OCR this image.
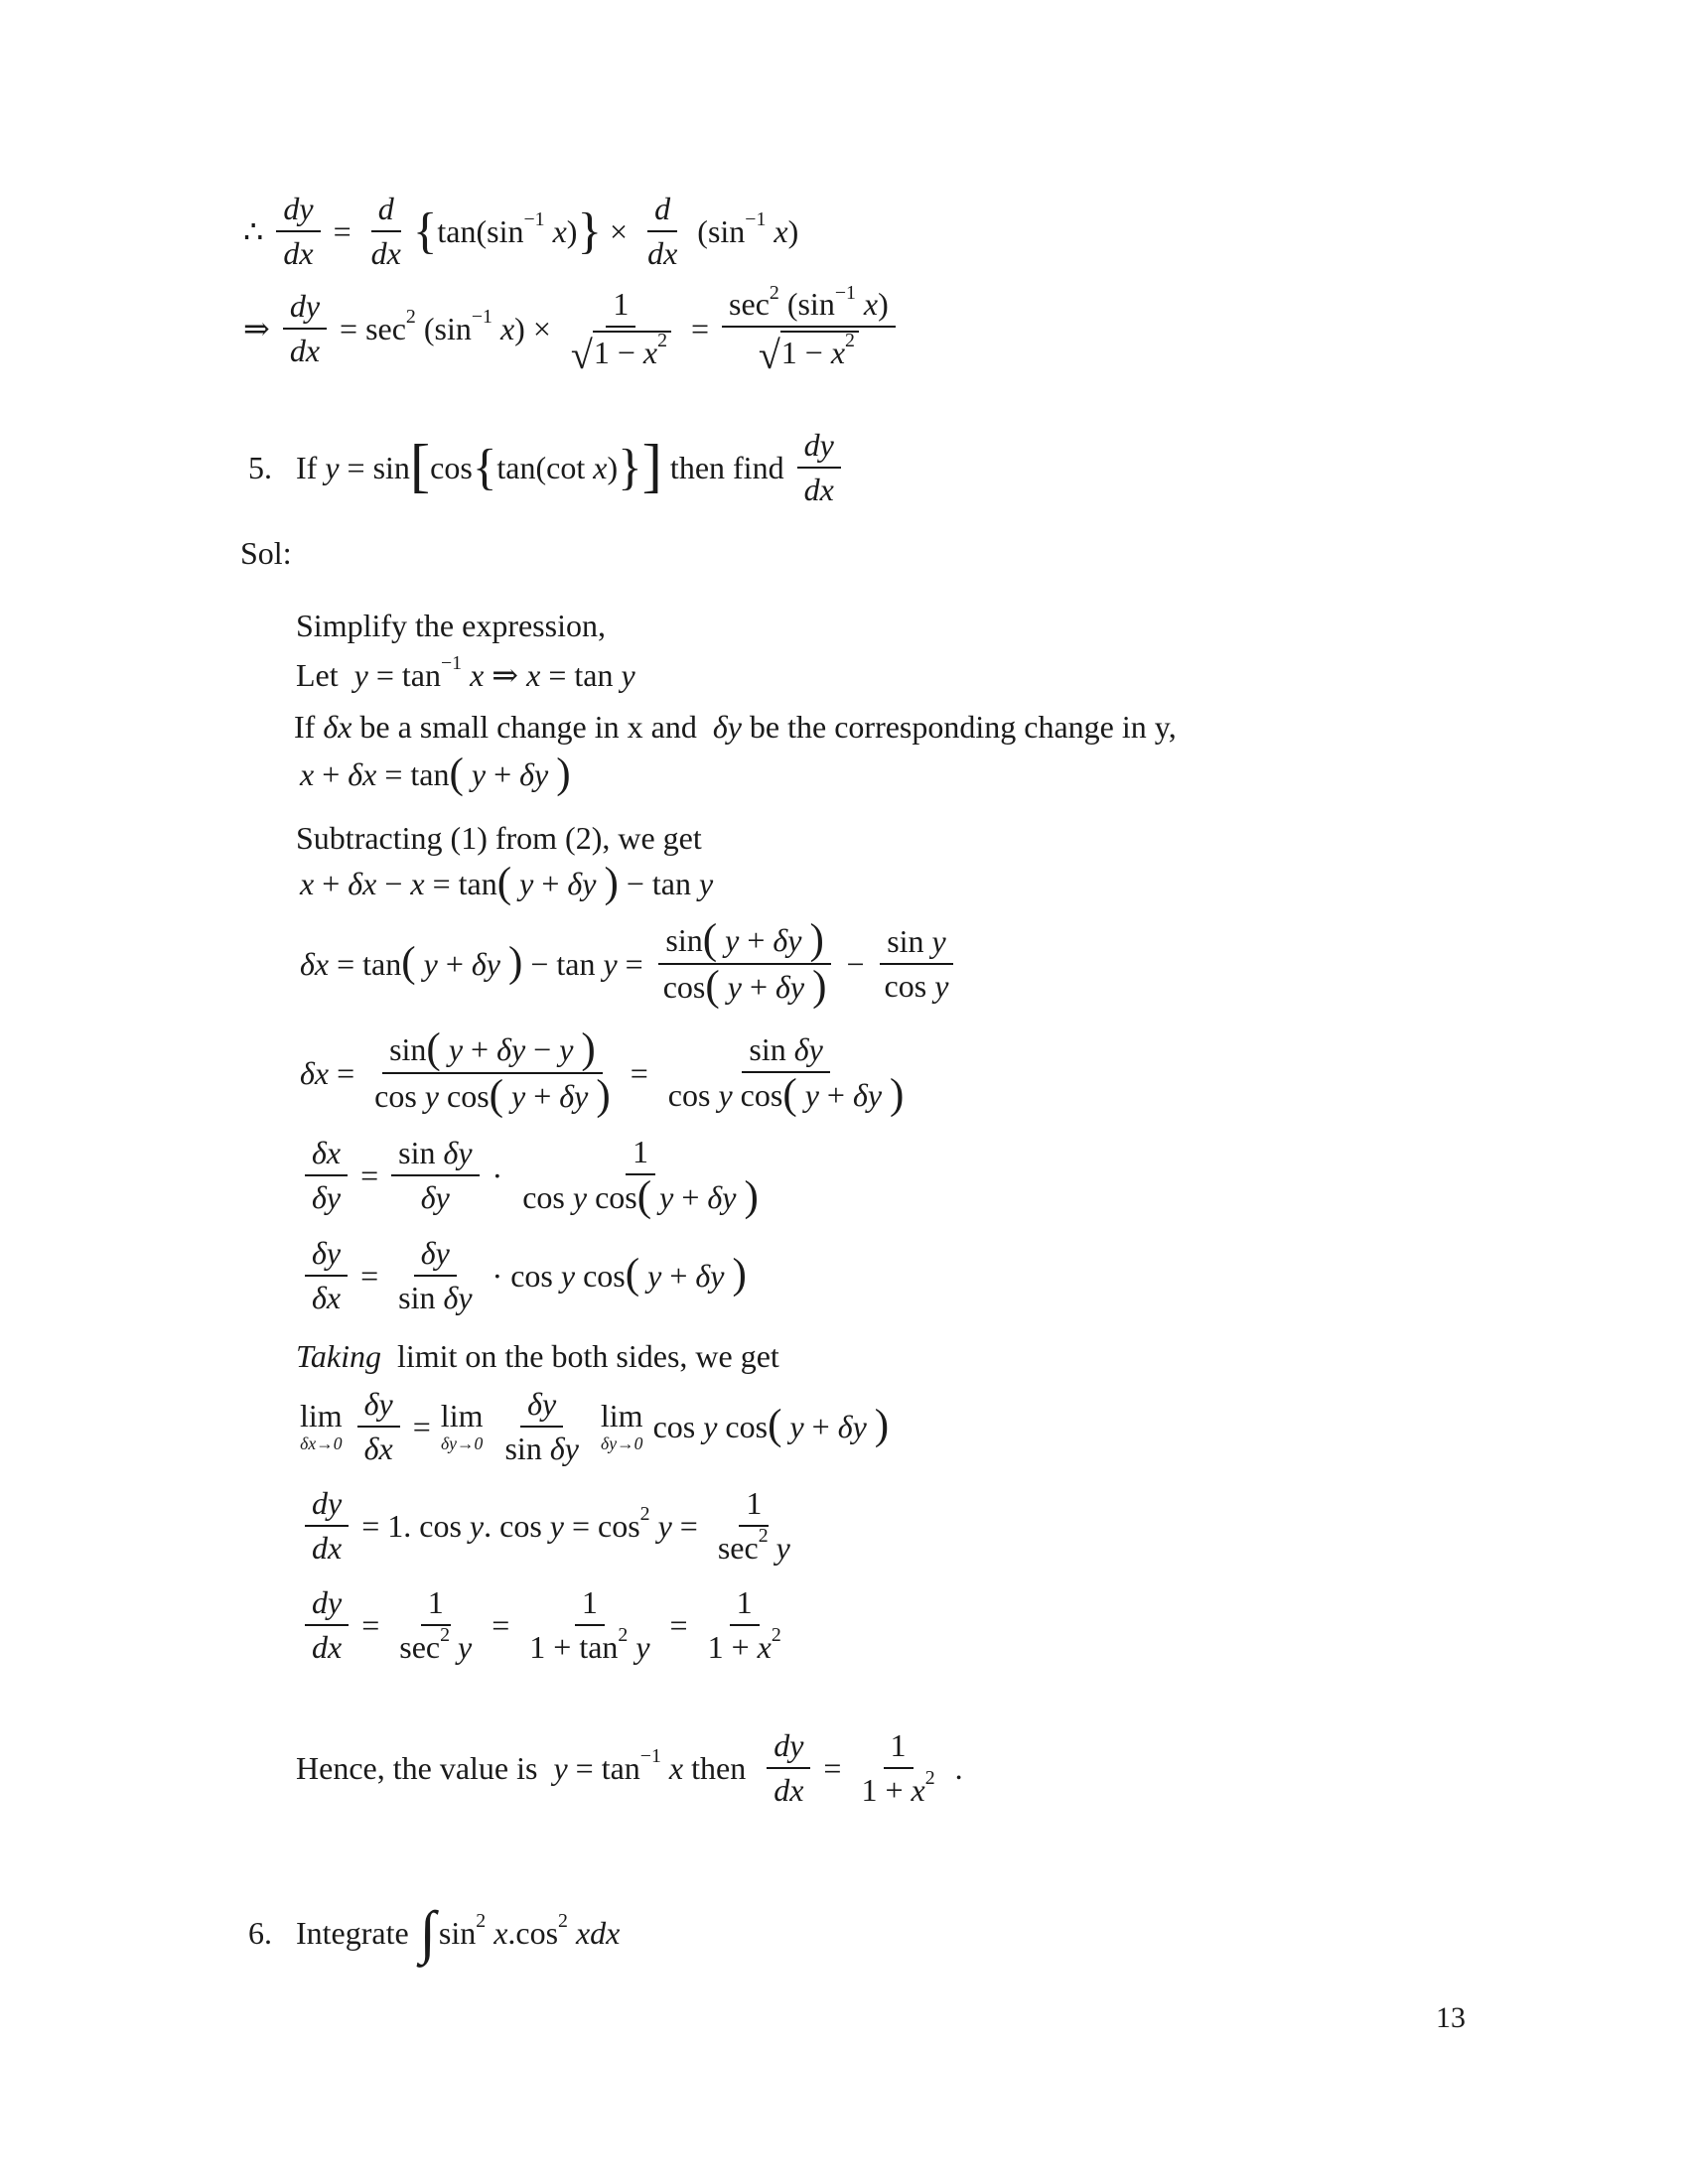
∴ $\frac{dy}{dx} = \frac{d}{dx}$ { $\tan(\sin^{-1}$
x ) } × $\frac{d}{dx} (\sin^{-1}$
x )
⇒ $\frac{dy}{dx} = \sec^2 (\sin^{-1}$
x ) × $\frac{1}{√ 1 - x^2} = \sec^2 (\sin^{-1}$
x )
√ $1 - x^2$
5.   If y = sin [ cos { tan(cot x ) } ] then find $\frac{dy}{dx}$
Sol:
Simplify the expression,
Let $y = \tan^{-1}$
x ⇒ x = tan y
If δx be a small change in x and δy be the corresponding change in y,
x + δx = tan (
y + δy
)
Subtracting (1) from (2), we get
x + δx − x = tan (
y + δy
) − tan y
δx = tan (
y + δy
) − tan y = sin (
y + δy
)
cos (
y + δy
) − $\frac{\text{sin y}}{\text{cos y}}$
δx = sin (
y + δy − y
)
cos y cos (
y + δy
) = sin δy
cos y cos (
y + δy
)
$\frac{\delta x}{\delta y} = \frac{\text{sin δy}}{\delta y} \cdot 1$
cos y cos (
y + δy
)
$\frac{\delta y}{\delta x} = \frac{\delta y}{\text{sin δy}} \cdot \cos y$ cos (
y + δy
)
Taking limit on the both sides, we get
lim
δx→0
$\frac{\delta y}{\delta x} = \lim$
δy→0
$\frac{\delta y}{\text{sin δy}}$
lim
δy→0 cos y cos (
y + δy
)
$\frac{dy}{dx} = 1$. cos y . $\cos y = \cos^2$
y = 1
$\sec^2$
y
$\frac{dy}{dx} = 1$
$\sec^2$
y = 1
$1 + \tan^2$
$y = \frac{1}{1 + x^2}$
Hence, the value is $y = \tan^{-1}$
x then $\frac{dy}{dx} = \frac{1}{1 + x^2}$ .
6.   Integrate ∫ $\sin^2$
x $.\cos^2$
xdx
13
